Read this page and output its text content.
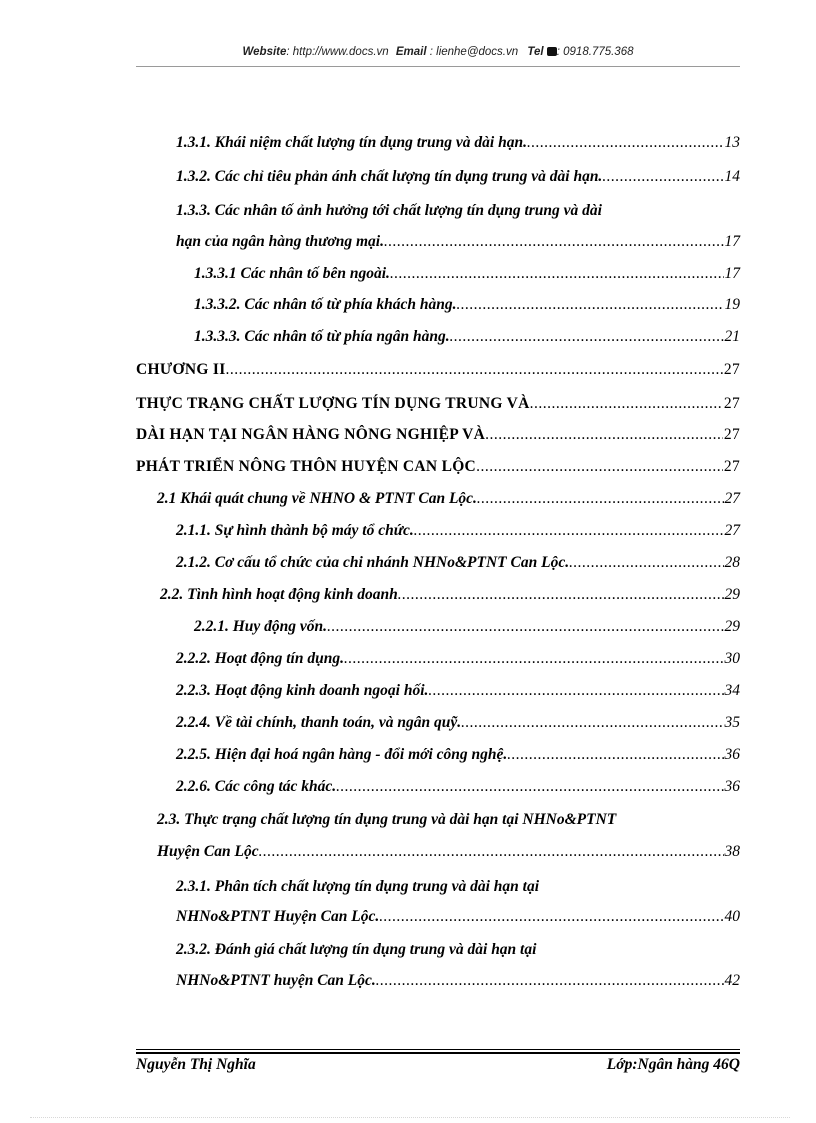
Website: http://www.docs.vn Email : lienhe@docs.vn Tel : 0918.775.368
1.3.1. Khái niệm chất lượng tín dụng trung và dài hạn. .....	13
1.3.2. Các chỉ tiêu phản ánh chất lượng tín dụng trung và dài hạn. .....	14
1.3.3. Các nhân tố ảnh hưởng tới chất lượng tín dụng trung và dài
hạn của ngân hàng thương mại. .....	17
1.3.3.1 Các nhân tố bên ngoài. .....	17
1.3.3.2. Các nhân tố từ phía khách hàng. .....	19
1.3.3.3. Các nhân tố từ phía ngân hàng. .....	21
CHƯƠNG II .....	27
THỰC TRẠNG CHẤT LƯỢNG TÍN DỤNG TRUNG VÀ .....	27
DÀI HẠN TẠI NGÂN HÀNG NÔNG NGHIỆP VÀ .....	27
PHÁT TRIỂN NÔNG THÔN HUYỆN CAN LỘC .....	27
2.1 Khái quát chung về NHNO & PTNT Can Lộc. .....	27
2.1.1. Sự hình thành bộ máy tổ chức. .....	27
2.1.2. Cơ cấu tổ chức của chi nhánh NHNo&PTNT Can Lộc. .....	28
2.2. Tình hình hoạt động kinh doanh .....	29
2.2.1. Huy động vốn. .....	29
2.2.2. Hoạt động tín dụng. .....	30
2.2.3. Hoạt động kinh doanh ngoại hối. .....	34
2.2.4. Về tài chính, thanh toán, và ngân quỹ. .....	35
2.2.5. Hiện đại hoá ngân hàng - đổi mới công nghệ. .....	36
2.2.6. Các công tác khác. .....	36
2.3. Thực trạng chất lượng tín dụng trung và dài hạn tại NHNo&PTNT
Huyện Can Lộc .....	38
2.3.1. Phân tích chất lượng tín dụng trung và dài hạn tại
NHNo&PTNT Huyện Can Lộc. .....	40
2.3.2. Đánh giá chất lượng tín dụng trung và dài hạn tại
NHNo&PTNT huyện Can Lộc. .....	42
Nguyễn Thị Nghĩa	Lớp:Ngân hàng 46Q
